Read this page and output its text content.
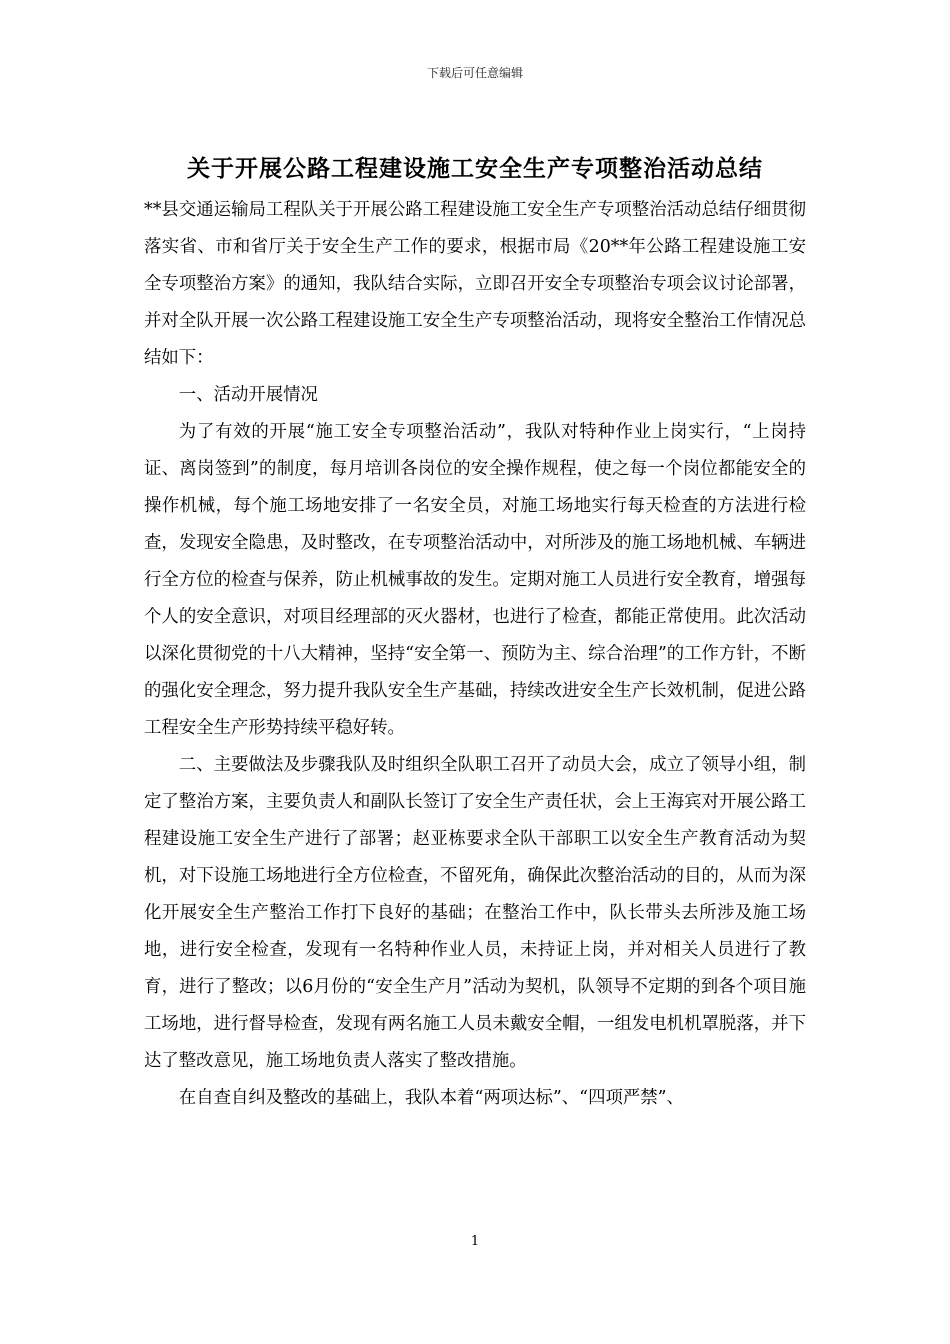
下载后可任意编辑
关于开展公路工程建设施工安全生产专项整治活动总结

**县交通运输局工程队关于开展公路工程建设施工安全生产专项整治活动总结仔细贯彻落实省、市和省厅关于安全生产工作的要求，根据市局《20**年公路工程建设施工安全专项整治方案》的通知，我队结合实际，立即召开安全专项整治专项会议讨论部署，并对全队开展一次公路工程建设施工安全生产专项整治活动，现将安全整治工作情况总结如下：

一、活动开展情况

为了有效的开展“施工安全专项整治活动”，我队对特种作业上岗实行，“上岗持证、离岗签到”的制度，每月培训各岗位的安全操作规程，使之每一个岗位都能安全的操作机械，每个施工场地安排了一名安全员，对施工场地实行每天检查的方法进行检查，发现安全隐患，及时整改，在专项整治活动中，对所涉及的施工场地机械、车辆进行全方位的检查与保养，防止机械事故的发生。定期对施工人员进行安全教育，增强每个人的安全意识，对项目经理部的灭火器材，也进行了检查，都能正常使用。此次活动以深化贯彻党的十八大精神，坚持“安全第一、预防为主、综合治理”的工作方针，不断的强化安全理念，努力提升我队安全生产基础，持续改进安全生产长效机制，促进公路工程安全生产形势持续平稳好转。

二、主要做法及步骤我队及时组织全队职工召开了动员大会，成立了领导小组，制定了整治方案，主要负责人和副队长签订了安全生产责任状，会上王海宾对开展公路工程建设施工安全生产进行了部署；赵亚栋要求全队干部职工以安全生产教育活动为契机，对下设施工场地进行全方位检查，不留死角，确保此次整治活动的目的，从而为深化开展安全生产整治工作打下良好的基础；在整治工作中，队长带头去所涉及施工场地，进行安全检查，发现有一名特种作业人员，未持证上岗，并对相关人员进行了教育，进行了整改；以6月份的“安全生产月”活动为契机，队领导不定期的到各个项目施工场地，进行督导检查，发现有两名施工人员未戴安全帽，一组发电机机罩脱落，并下达了整改意见，施工场地负责人落实了整改措施。

在自查自纠及整改的基础上，我队本着“两项达标”、“四项严禁”、

1
